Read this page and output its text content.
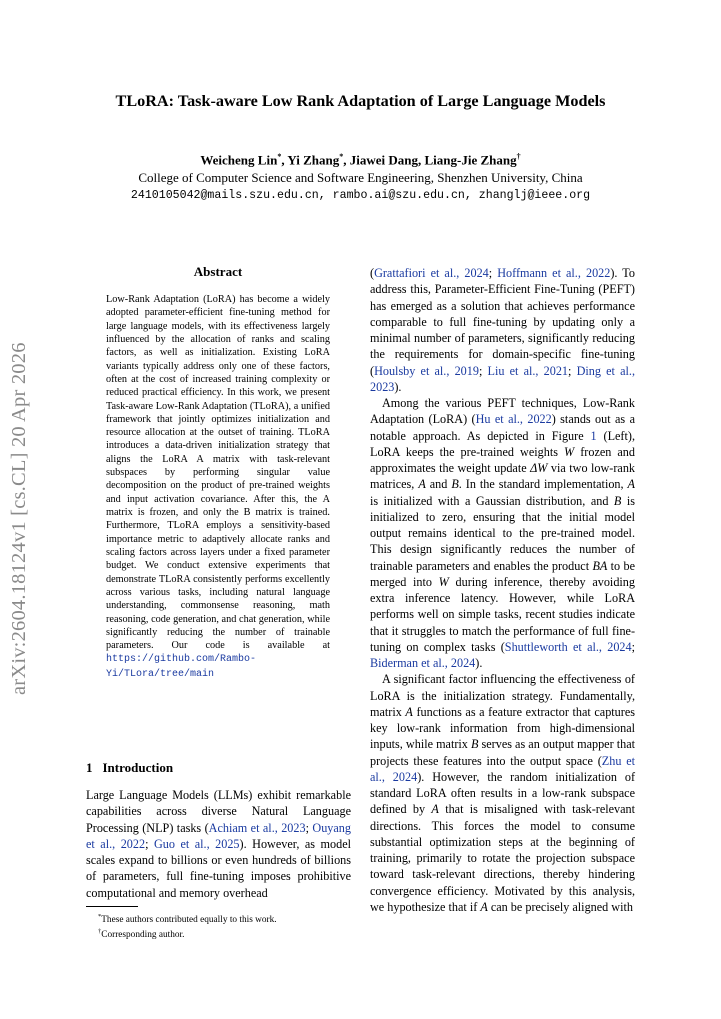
arXiv:2604.18124v1 [cs.CL] 20 Apr 2026
TLoRA: Task-aware Low Rank Adaptation of Large Language Models
Weicheng Lin*, Yi Zhang*, Jiawei Dang, Liang-Jie Zhang†
College of Computer Science and Software Engineering, Shenzhen University, China
2410105042@mails.szu.edu.cn, rambo.ai@szu.edu.cn, zhanglj@ieee.org
Abstract
Low-Rank Adaptation (LoRA) has become a widely adopted parameter-efficient fine-tuning method for large language models, with its effectiveness largely influenced by the allocation of ranks and scaling factors, as well as initialization. Existing LoRA variants typically address only one of these factors, often at the cost of increased training complexity or reduced practical efficiency. In this work, we present Task-aware Low-Rank Adaptation (TLoRA), a unified framework that jointly optimizes initialization and resource allocation at the outset of training. TLoRA introduces a data-driven initialization strategy that aligns the LoRA A matrix with task-relevant subspaces by performing singular value decomposition on the product of pre-trained weights and input activation covariance. After this, the A matrix is frozen, and only the B matrix is trained. Furthermore, TLoRA employs a sensitivity-based importance metric to adaptively allocate ranks and scaling factors across layers under a fixed parameter budget. We conduct extensive experiments that demonstrate TLoRA consistently performs excellently across various tasks, including natural language understanding, commonsense reasoning, math reasoning, code generation, and chat generation, while significantly reducing the number of trainable parameters. Our code is available at https://github.com/Rambo-Yi/TLora/tree/main
1 Introduction
Large Language Models (LLMs) exhibit remarkable capabilities across diverse Natural Language Processing (NLP) tasks (Achiam et al., 2023; Ouyang et al., 2022; Guo et al., 2025). However, as model scales expand to billions or even hundreds of billions of parameters, full fine-tuning imposes prohibitive computational and memory overhead
*These authors contributed equally to this work.
†Corresponding author.

(Grattafiori et al., 2024; Hoffmann et al., 2022). To address this, Parameter-Efficient Fine-Tuning (PEFT) has emerged as a solution that achieves performance comparable to full fine-tuning by updating only a minimal number of parameters, significantly reducing the requirements for domain-specific fine-tuning (Houlsby et al., 2019; Liu et al., 2021; Ding et al., 2023).

Among the various PEFT techniques, Low-Rank Adaptation (LoRA) (Hu et al., 2022) stands out as a notable approach. As depicted in Figure 1 (Left), LoRA keeps the pre-trained weights W frozen and approximates the weight update ΔW via two low-rank matrices, A and B. In the standard implementation, A is initialized with a Gaussian distribution, and B is initialized to zero, ensuring that the initial model output remains identical to the pre-trained model. This design significantly reduces the number of trainable parameters and enables the product BA to be merged into W during inference, thereby avoiding extra inference latency. However, while LoRA performs well on simple tasks, recent studies indicate that it struggles to match the performance of full fine-tuning on complex tasks (Shuttleworth et al., 2024; Biderman et al., 2024).

A significant factor influencing the effectiveness of LoRA is the initialization strategy. Fundamentally, matrix A functions as a feature extractor that captures key low-rank information from high-dimensional inputs, while matrix B serves as an output mapper that projects these features into the output space (Zhu et al., 2024). However, the random initialization of standard LoRA often results in a low-rank subspace defined by A that is misaligned with task-relevant directions. This forces the model to consume substantial optimization steps at the beginning of training, primarily to rotate the projection subspace toward task-relevant directions, thereby hindering convergence efficiency. Motivated by this analysis, we hypothesize that if A can be precisely aligned with
